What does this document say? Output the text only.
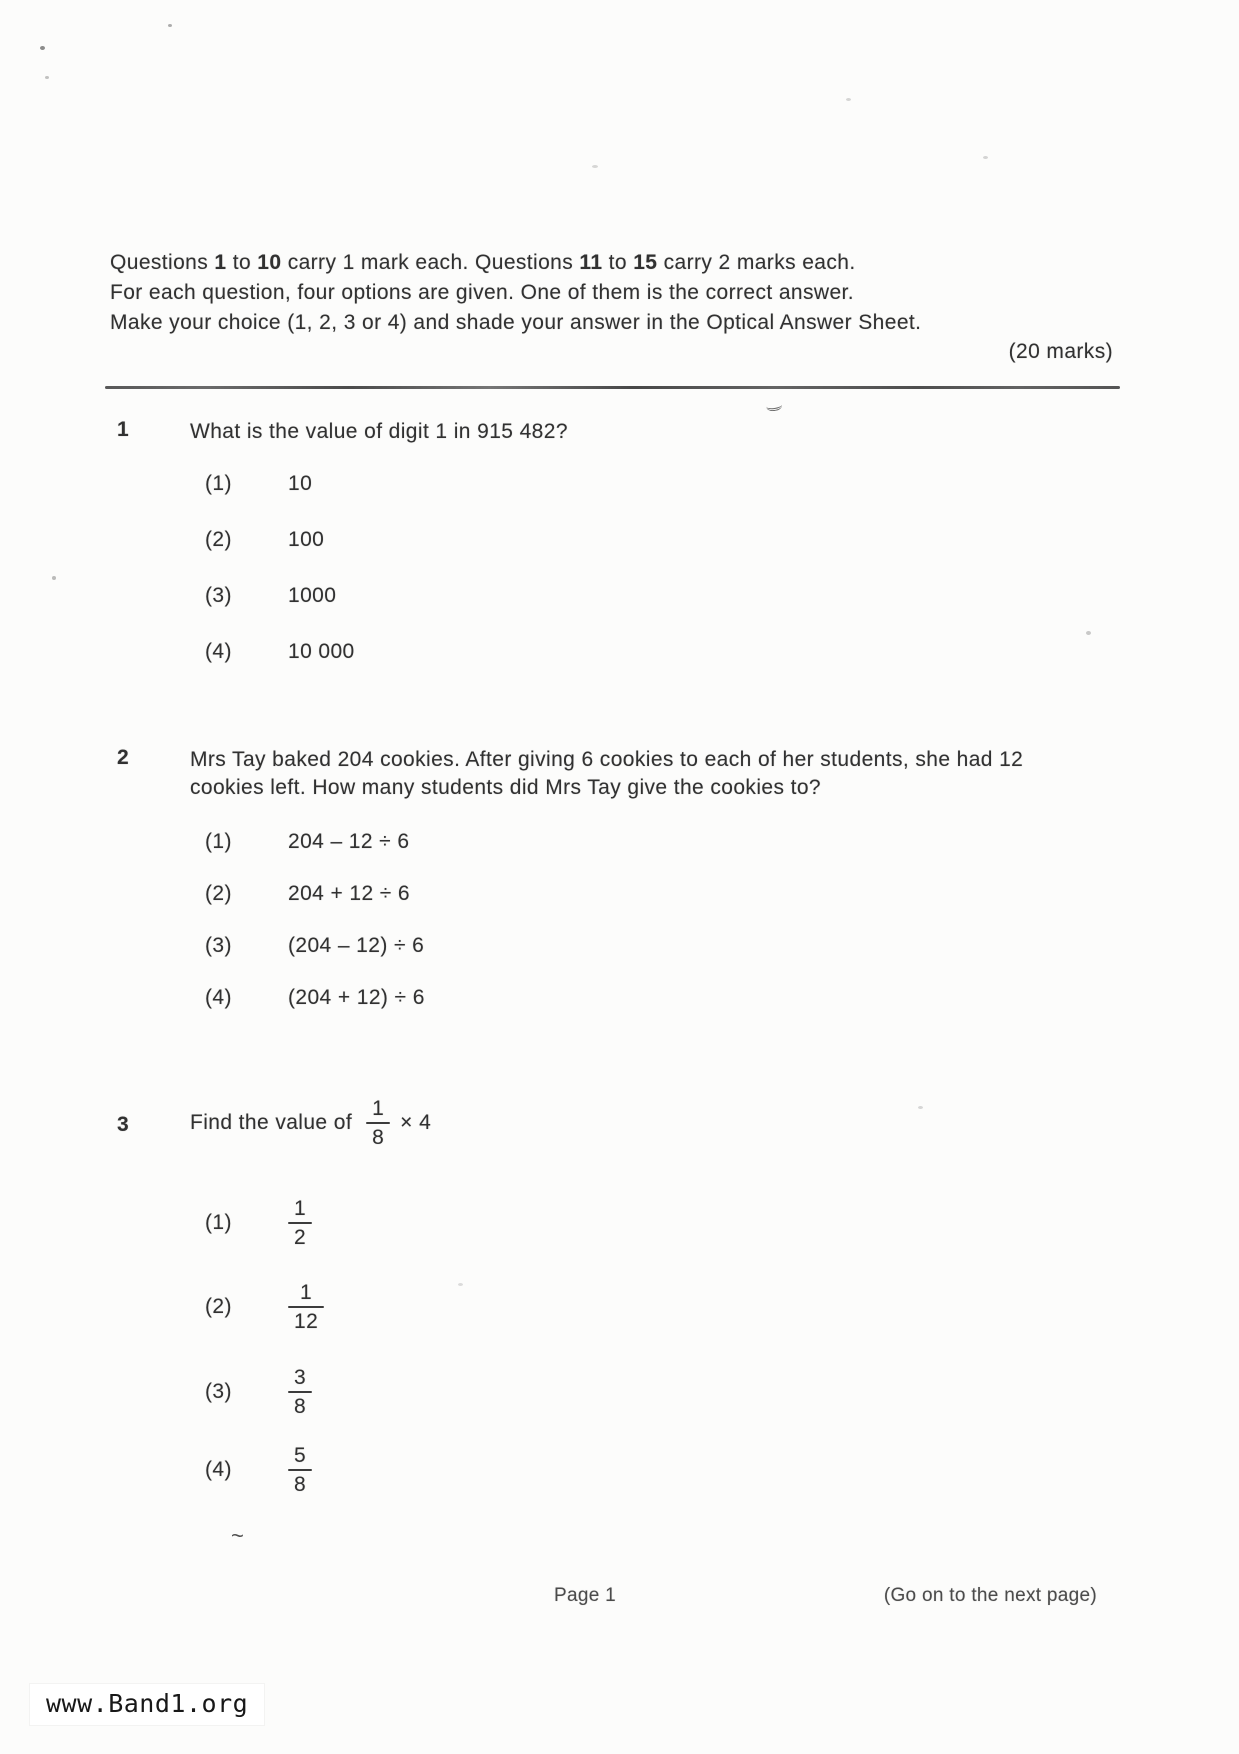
Questions 1 to 10 carry 1 mark each. Questions 11 to 15 carry 2 marks each.
For each question, four options are given. One of them is the correct answer.
Make your choice (1, 2, 3 or 4) and shade your answer in the Optical Answer Sheet.
(20 marks)
1	What is the value of digit 1 in 915 482?
(1)	10
(2)	100
(3)	1000
(4)	10 000
2	Mrs Tay baked 204 cookies. After giving 6 cookies to each of her students, she had 12 cookies left. How many students did Mrs Tay give the cookies to?
(1)	204 – 12 ÷ 6
(2)	204 + 12 ÷ 6
(3)	(204 – 12) ÷ 6
(4)	(204 + 12) ÷ 6
3	Find the value of $\frac{1}{8} \times 4$
(1)	$\frac{1}{2}$
(2)	$\frac{1}{12}$
(3)	$\frac{3}{8}$
(4)	$\frac{5}{8}$
~
Page 1	(Go on to the next page)
www.Band1.org
